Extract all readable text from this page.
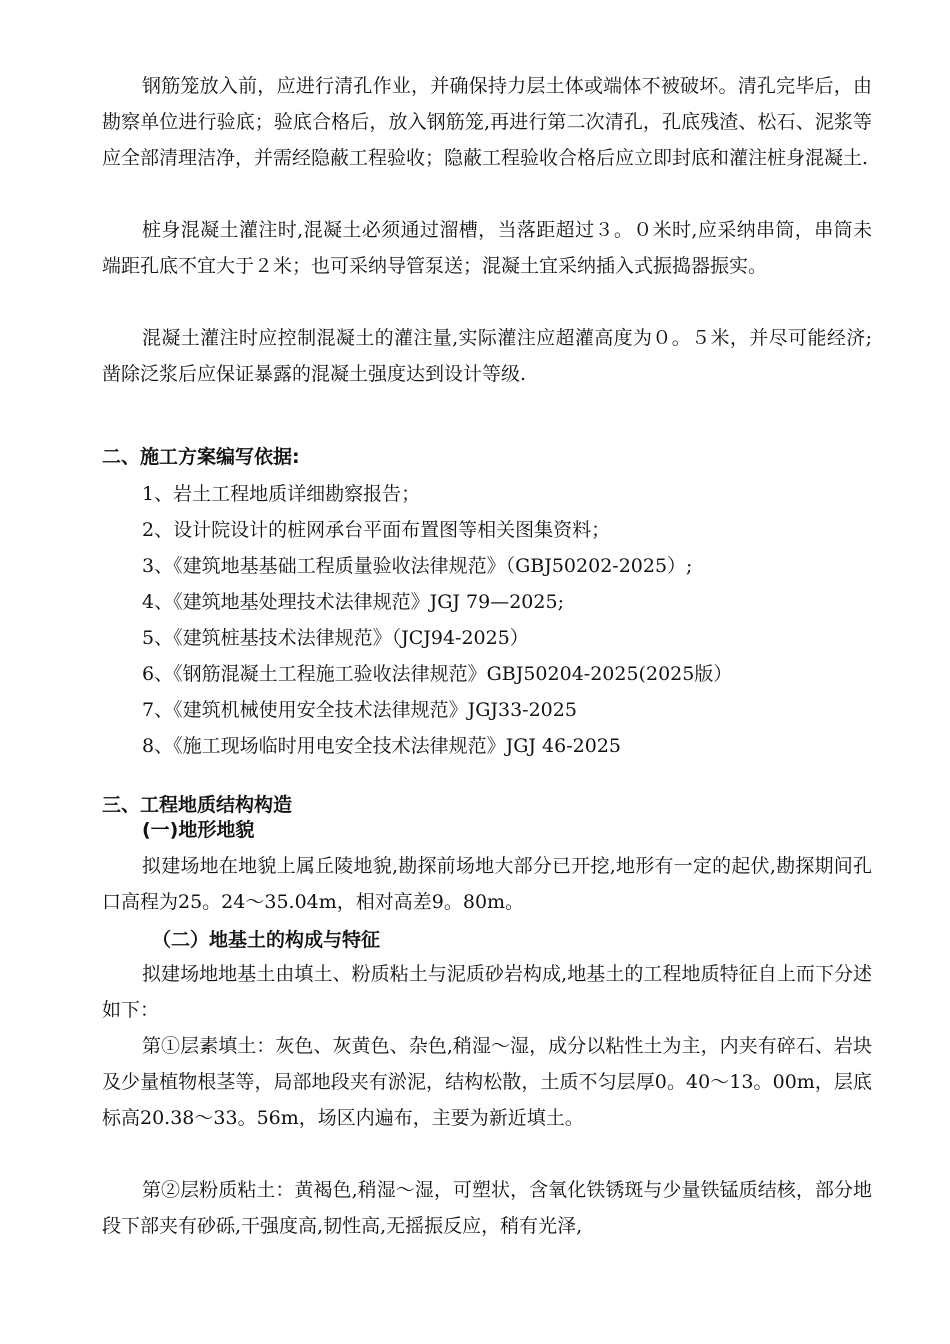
钢筋笼放入前，应进行清孔作业，并确保持力层土体或端体不被破坏。清孔完毕后，由勘察单位进行验底；验底合格后，放入钢筋笼,再进行第二次清孔，孔底残渣、松石、泥浆等应全部清理洁净，并需经隐蔽工程验收；隐蔽工程验收合格后应立即封底和灌注桩身混凝土.

桩身混凝土灌注时,混凝土必须通过溜槽，当落距超过３。０米时,应采纳串筒，串筒未端距孔底不宜大于２米；也可采纳导管泵送；混凝土宜采纳插入式振捣器振实。

混凝土灌注时应控制混凝土的灌注量,实际灌注应超灌高度为０。５米，并尽可能经济;凿除泛浆后应保证暴露的混凝土强度达到设计等级.

二、施工方案编写依据:
1、岩土工程地质详细勘察报告；
2、设计院设计的桩网承台平面布置图等相关图集资料；
3、《建筑地基基础工程质量验收法律规范》（GBJ50202-2025）;
4、《建筑地基处理技术法律规范》JGJ 79—2025;
5、《建筑桩基技术法律规范》（JCJ94-2025）
6、《钢筋混凝土工程施工验收法律规范》GBJ50204-2025(2025版）
7、《建筑机械使用安全技术法律规范》JGJ33-2025
8、《施工现场临时用电安全技术法律规范》JGJ 46-2025
三、工程地质结构构造
(一)地形地貌

拟建场地在地貌上属丘陵地貌,勘探前场地大部分已开挖,地形有一定的起伏,勘探期间孔口高程为25。24～35.04m，相对高差9。80m。

（二）地基土的构成与特征

拟建场地地基土由填土、粉质粘土与泥质砂岩构成,地基土的工程地质特征自上而下分述如下：

第①层素填土：灰色、灰黄色、杂色,稍湿～湿，成分以粘性土为主，内夹有碎石、岩块及少量植物根茎等，局部地段夹有淤泥，结构松散，土质不匀层厚0。40～13。00m，层底标高20.38～33。56m，场区内遍布，主要为新近填土。

第②层粉质粘土：黄褐色,稍湿～湿，可塑状，含氧化铁锈斑与少量铁锰质结核，部分地段下部夹有砂砾,干强度高,韧性高,无摇振反应，稍有光泽,
